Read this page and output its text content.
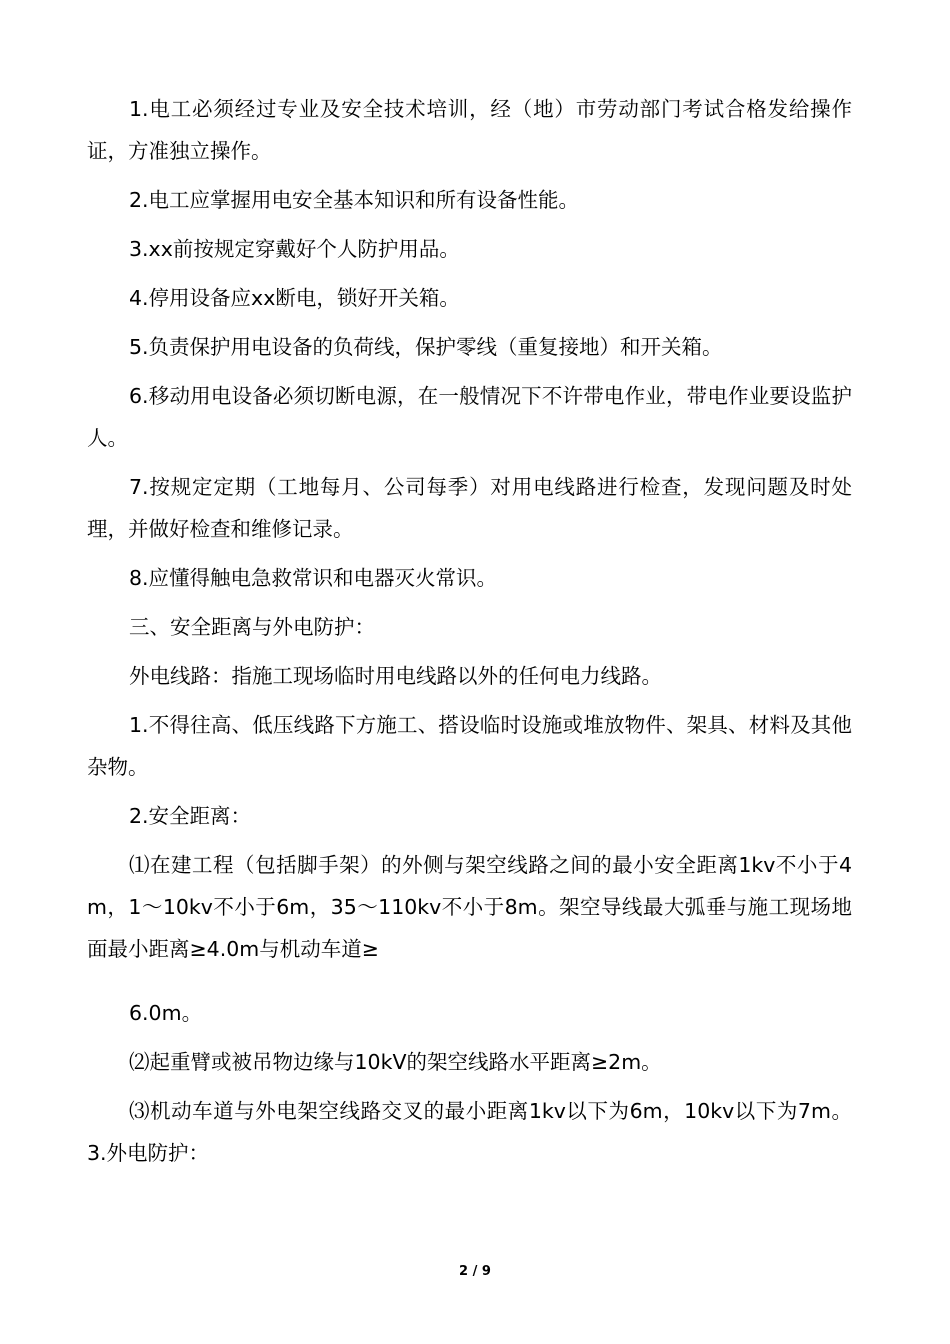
1.电工必须经过专业及安全技术培训，经（地）市劳动部门考试合格发给操作证，方准独立操作。

2.电工应掌握用电安全基本知识和所有设备性能。

3.xx前按规定穿戴好个人防护用品。

4.停用设备应xx断电，锁好开关箱。

5.负责保护用电设备的负荷线，保护零线（重复接地）和开关箱。

6.移动用电设备必须切断电源，在一般情况下不许带电作业，带电作业要设监护人。

7.按规定定期（工地每月、公司每季）对用电线路进行检查，发现问题及时处理，并做好检查和维修记录。

8.应懂得触电急救常识和电器灭火常识。

三、安全距离与外电防护：

外电线路：指施工现场临时用电线路以外的任何电力线路。

1.不得往高、低压线路下方施工、搭设临时设施或堆放物件、架具、材料及其他杂物。

2.安全距离：

⑴在建工程（包括脚手架）的外侧与架空线路之间的最小安全距离1kv不小于4m，1～10kv不小于6m，35～110kv不小于8m。架空导线最大弧垂与施工现场地面最小距离≥4.0m与机动车道≥

6.0m。

⑵起重臂或被吊物边缘与10kV的架空线路水平距离≥2m。

⑶机动车道与外电架空线路交叉的最小距离1kv以下为6m，10kv以下为7m。3.外电防护：

2 / 9
